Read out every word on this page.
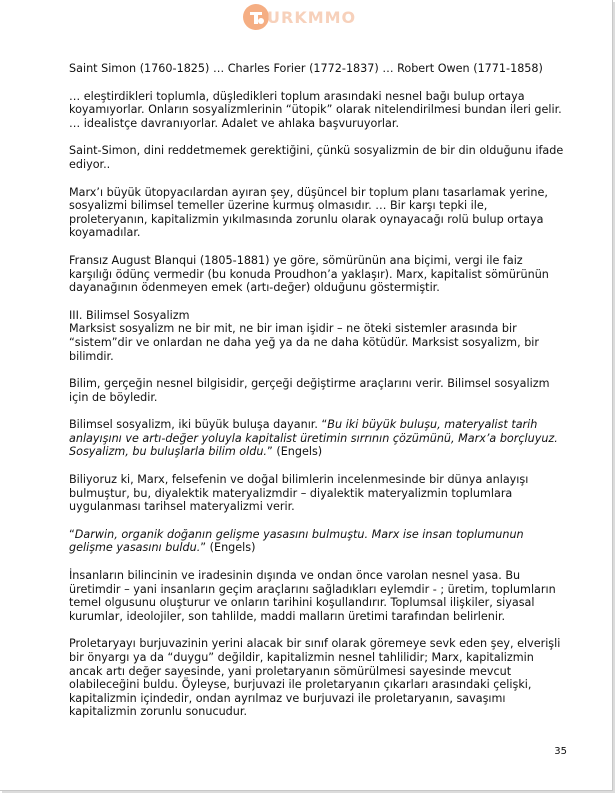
URKMMO

Saint Simon (1760-1825) … Charles Forier (1772-1837) … Robert Owen (1771-1858)

… eleştirdikleri toplumla, düşledikleri toplum arasındaki nesnel bağı bulup ortaya koyamıyorlar. Onların sosyalizmlerinin “ütopik” olarak nitelendirilmesi bundan ileri gelir. … idealistçe davranıyorlar. Adalet ve ahlaka başvuruyorlar.

Saint-Simon, dini reddetmemek gerektiğini, çünkü sosyalizmin de bir din olduğunu ifade ediyor..

Marx’ı büyük ütopyacılardan ayıran şey, düşüncel bir toplum planı tasarlamak yerine, sosyalizmi bilimsel temeller üzerine kurmuş olmasıdır. … Bir karşı tepki ile, proleteryanın, kapitalizmin yıkılmasında zorunlu olarak oynayacağı rolü bulup ortaya koyamadılar.

Fransız August Blanqui (1805-1881) ye göre, sömürünün ana biçimi, vergi ile faiz karşılığı ödünç vermedir (bu konuda Proudhon’a yaklaşır). Marx, kapitalist sömürünün dayanağının ödenmeyen emek (artı-değer) olduğunu göstermiştir.

III. Bilimsel Sosyalizm

Marksist sosyalizm ne bir mit, ne bir iman işidir – ne öteki sistemler arasında bir “sistem”dir ve onlardan ne daha yeğ ya da ne daha kötüdür. Marksist sosyalizm, bir bilimdir.

Bilim, gerçeğin nesnel bilgisidir, gerçeği değiştirme araçlarını verir. Bilimsel sosyalizm için de böyledir.

Bilimsel sosyalizm, iki büyük buluşa dayanır. “Bu iki büyük buluşu, materyalist tarih anlayışını ve artı-değer yoluyla kapitalist üretimin sırrının çözümünü, Marx’a borçluyuz. Sosyalizm, bu buluşlarla bilim oldu.” (Engels)

Biliyoruz ki, Marx, felsefenin ve doğal bilimlerin incelenmesinde bir dünya anlayışı bulmuştur, bu, diyalektik materyalizmdir – diyalektik materyalizmin toplumlara uygulanması tarihsel materyalizmi verir.

“Darwin, organik doğanın gelişme yasasını bulmuştu. Marx ise insan toplumunun gelişme yasasını buldu.” (Engels)

İnsanların bilincinin ve iradesinin dışında ve ondan önce varolan nesnel yasa. Bu üretimdir – yani insanların geçim araçlarını sağladıkları eylemdir - ; üretim, toplumların temel olgusunu oluşturur ve onların tarihini koşullandırır. Toplumsal ilişkiler, siyasal kurumlar, ideolojiler, son tahlilde, maddi malların üretimi tarafından belirlenir.

Proletaryayı burjuvazinin yerini alacak bir sınıf olarak göremeye sevk eden şey, elverişli bir önyargı ya da “duygu” değildir, kapitalizmin nesnel tahlilidir; Marx, kapitalizmin ancak artı değer sayesinde, yani proletaryanın sömürülmesi sayesinde mevcut olabileceğini buldu. Öyleyse, burjuvazi ile proletaryanın çıkarları arasındaki çelişki, kapitalizmin içindedir, ondan ayrılmaz ve burjuvazi ile proletaryanın, savaşımı kapitalizmin zorunlu sonucudur.

35
